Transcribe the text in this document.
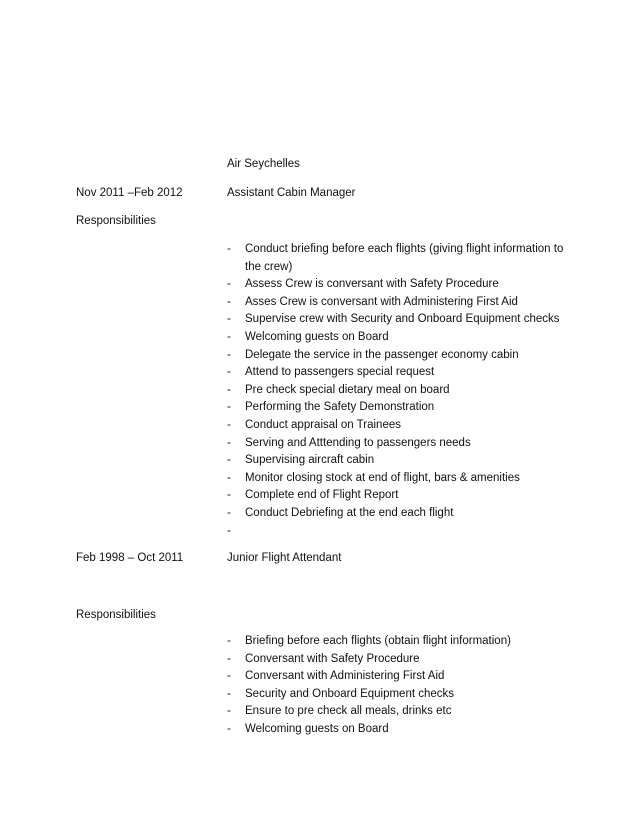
Air Seychelles
Nov 2011 –Feb 2012	Assistant Cabin Manager
Responsibilities
- Conduct briefing before each flights (giving flight information to the crew)
- Assess Crew is conversant with Safety Procedure
- Asses Crew is conversant with Administering First Aid
- Supervise crew with Security and Onboard Equipment checks
- Welcoming guests on Board
- Delegate the service in the passenger economy cabin
- Attend to passengers special request
- Pre check special dietary meal on board
- Performing the Safety Demonstration
- Conduct appraisal on Trainees
- Serving and Atttending to passengers needs
- Supervising aircraft cabin
- Monitor closing stock at end of flight, bars & amenities
- Complete end of Flight Report
- Conduct Debriefing at the end each flight
-
Feb 1998 – Oct 2011	Junior Flight Attendant
Responsibilities
- Briefing before each flights (obtain flight information)
- Conversant with Safety Procedure
- Conversant with Administering First Aid
- Security and Onboard Equipment checks
- Ensure to pre check all meals, drinks etc
- Welcoming guests on Board
